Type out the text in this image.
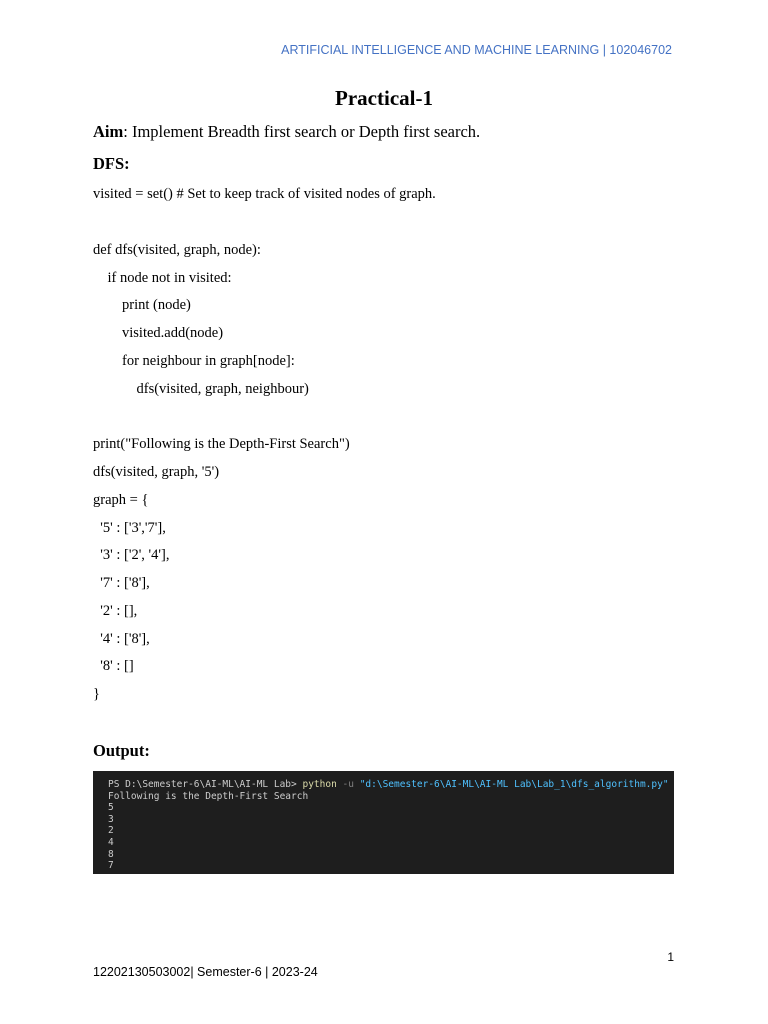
ARTIFICIAL INTELLIGENCE AND MACHINE LEARNING | 102046702
Practical-1
Aim: Implement Breadth first search or Depth first search.
DFS:
visited = set() # Set to keep track of visited nodes of graph.
def dfs(visited, graph, node):
if node not in visited:
print (node)
visited.add(node)
for neighbour in graph[node]:
dfs(visited, graph, neighbour)
print("Following is the Depth-First Search")
dfs(visited, graph, '5')
graph = {
'5' : ['3','7'],
'3' : ['2', '4'],
'7' : ['8'],
'2' : [],
'4' : ['8'],
'8' : []
}
Output:
PS D:\Semester-6\AI-ML\AI-ML Lab> python -u "d:\Semester-6\AI-ML\AI-ML Lab\Lab_1\dfs_algorithm.py"
Following is the Depth-First Search
5
3
2
4
8
7
1
12202130503002| Semester-6 | 2023-24
